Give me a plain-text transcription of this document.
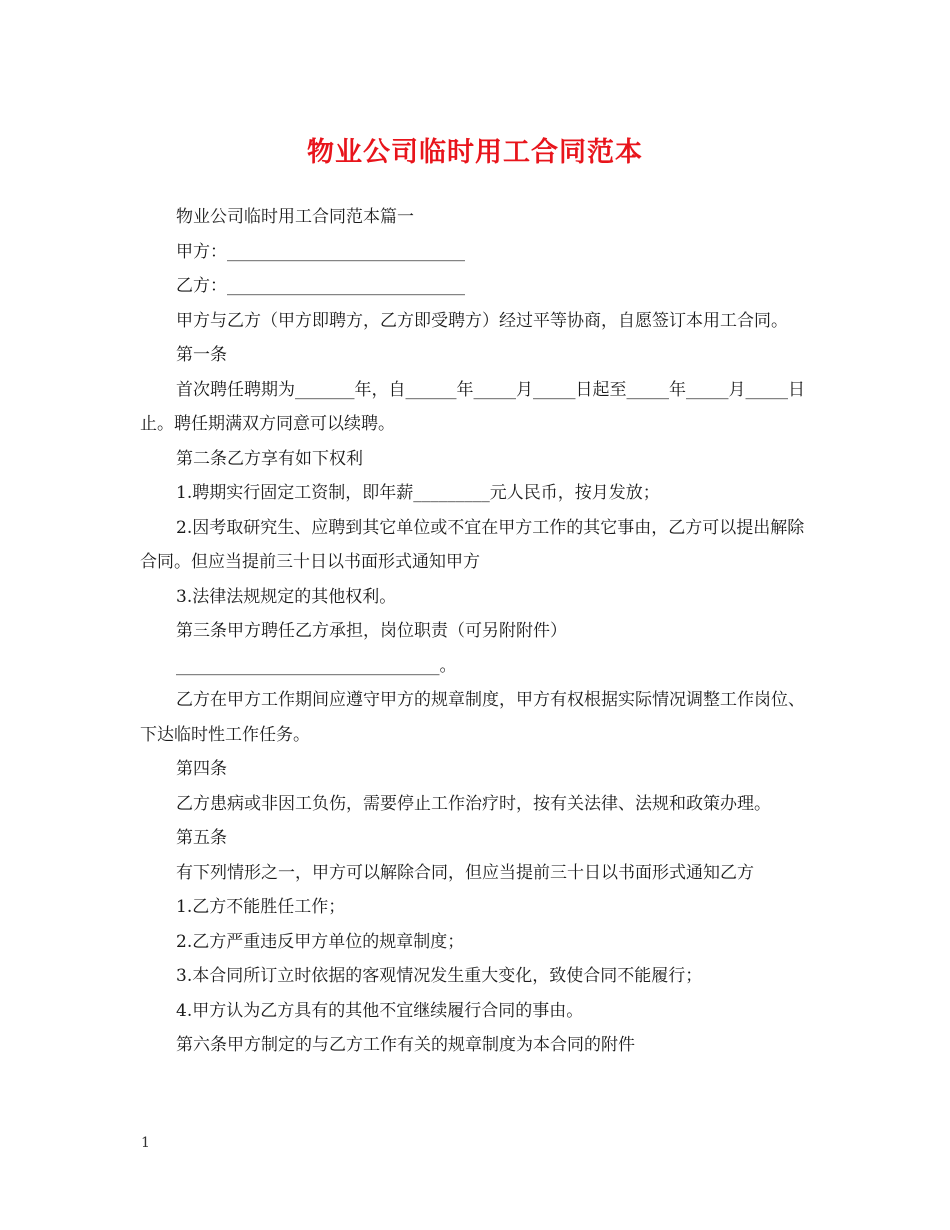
物业公司临时用工合同范本

物业公司临时用工合同范本篇一

甲方：____________________________

乙方：____________________________

甲方与乙方（甲方即聘方，乙方即受聘方）经过平等协商，自愿签订本用工合同。

第一条

首次聘任聘期为_______年，自______年_____月_____日起至_____年_____月_____日止。聘任期满双方同意可以续聘。

第二条乙方享有如下权利

1.聘期实行固定工资制，即年薪_________元人民币，按月发放；

2.因考取研究生、应聘到其它单位或不宜在甲方工作的其它事由，乙方可以提出解除合同。但应当提前三十日以书面形式通知甲方

3.法律法规规定的其他权利。

第三条甲方聘任乙方承担，岗位职责（可另附附件）

_______________________________。

乙方在甲方工作期间应遵守甲方的规章制度，甲方有权根据实际情况调整工作岗位、下达临时性工作任务。

第四条

乙方患病或非因工负伤，需要停止工作治疗时，按有关法律、法规和政策办理。

第五条

有下列情形之一，甲方可以解除合同，但应当提前三十日以书面形式通知乙方

1.乙方不能胜任工作；

2.乙方严重违反甲方单位的规章制度；

3.本合同所订立时依据的客观情况发生重大变化，致使合同不能履行；

4.甲方认为乙方具有的其他不宜继续履行合同的事由。

第六条甲方制定的与乙方工作有关的规章制度为本合同的附件

1
